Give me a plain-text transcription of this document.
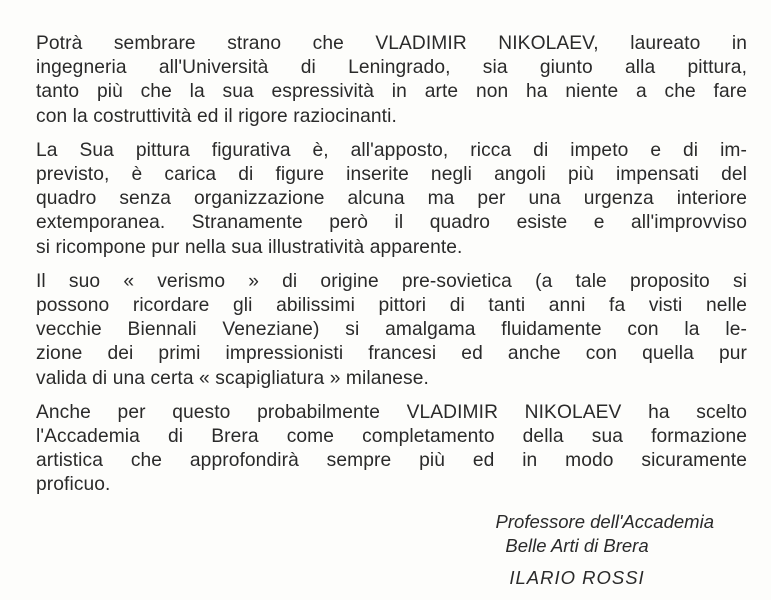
Potrà sembrare strano che VLADIMIR NIKOLAEV, laureato in
ingegneria all'Università di Leningrado, sia giunto alla pittura,
tanto più che la sua espressività in arte non ha niente a che fare
con la costruttività ed il rigore raziocinanti.

La Sua pittura figurativa è, all'apposto, ricca di impeto e di im-
previsto, è carica di figure inserite negli angoli più impensati del
quadro senza organizzazione alcuna ma per una urgenza interiore
extemporanea. Stranamente però il quadro esiste e all'improvviso
si ricompone pur nella sua illustratività apparente.

Il suo « verismo » di origine pre-sovietica (a tale proposito si
possono ricordare gli abilissimi pittori di tanti anni fa visti nelle
vecchie Biennali Veneziane) si amalgama fluidamente con la le-
zione dei primi impressionisti francesi ed anche con quella pur
valida di una certa « scapigliatura » milanese.

Anche per questo probabilmente VLADIMIR NIKOLAEV ha scelto
l'Accademia di Brera come completamento della sua formazione
artistica che approfondirà sempre più ed in modo sicuramente
proficuo.

Professore dell'Accademia
Belle Arti di Brera
ILARIO ROSSI
